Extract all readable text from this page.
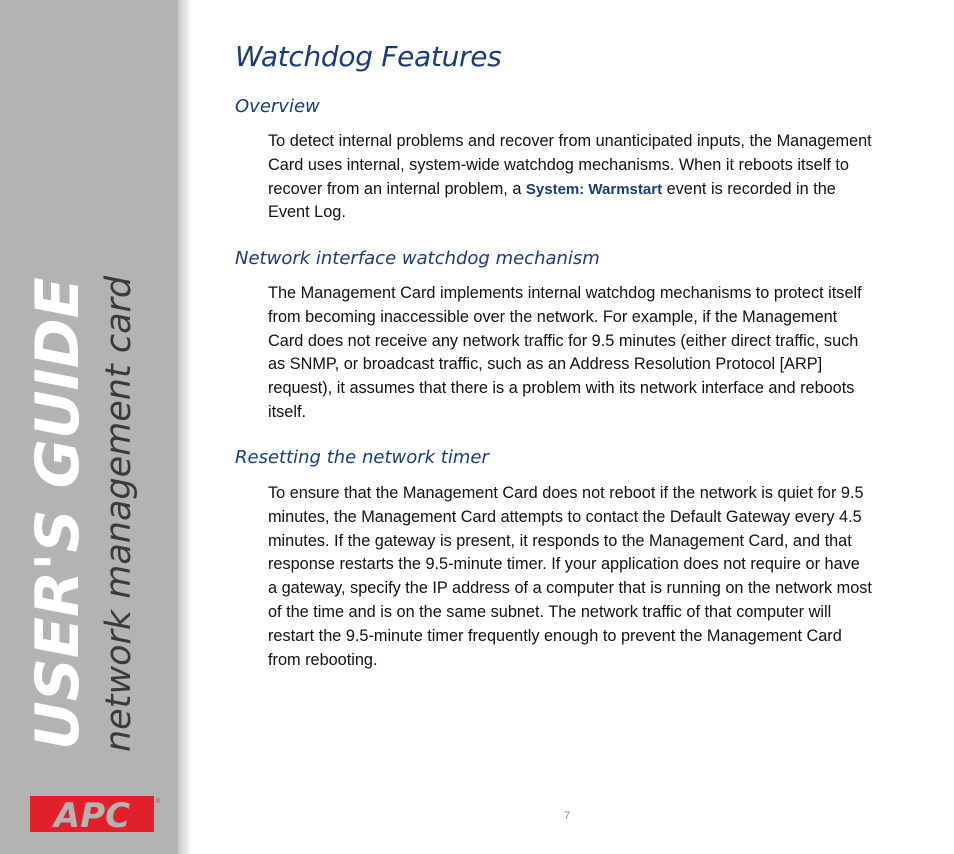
USER'S GUIDE network management card
APC	®
Watchdog Features
Overview

To detect internal problems and recover from unanticipated inputs, the Management Card uses internal, system-wide watchdog mechanisms. When it reboots itself to recover from an internal problem, a System: Warmstart event is recorded in the Event Log.

Network interface watchdog mechanism

The Management Card implements internal watchdog mechanisms to protect itself from becoming inaccessible over the network. For example, if the Management Card does not receive any network traffic for 9.5 minutes (either direct traffic, such as SNMP, or broadcast traffic, such as an Address Resolution Protocol [ARP] request), it assumes that there is a problem with its network interface and reboots itself.

Resetting the network timer

To ensure that the Management Card does not reboot if the network is quiet for 9.5 minutes, the Management Card attempts to contact the Default Gateway every 4.5 minutes. If the gateway is present, it responds to the Management Card, and that response restarts the 9.5-minute timer. If your application does not require or have a gateway, specify the IP address of a computer that is running on the network most of the time and is on the same subnet. The network traffic of that computer will restart the 9.5-minute timer frequently enough to prevent the Management Card from rebooting.

7
